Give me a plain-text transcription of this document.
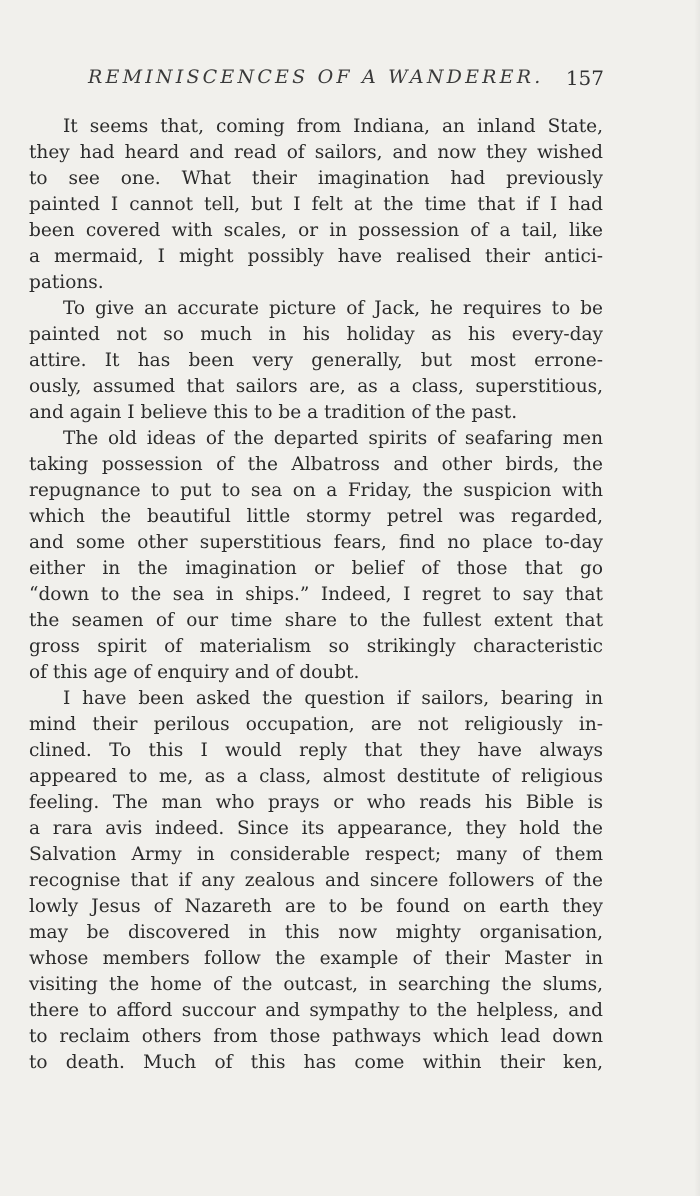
REMINISCENCES OF A WANDERER. 157
It seems that, coming from Indiana, an inland State,
they had heard and read of sailors, and now they wished
to see one. What their imagination had previously
painted I cannot tell, but I felt at the time that if I had
been covered with scales, or in possession of a tail, like
a mermaid, I might possibly have realised their antici-
pations.
To give an accurate picture of Jack, he requires to be
painted not so much in his holiday as his every-day
attire. It has been very generally, but most errone-
ously, assumed that sailors are, as a class, superstitious,
and again I believe this to be a tradition of the past.
The old ideas of the departed spirits of seafaring men
taking possession of the Albatross and other birds, the
repugnance to put to sea on a Friday, the suspicion with
which the beautiful little stormy petrel was regarded,
and some other superstitious fears, find no place to-day
either in the imagination or belief of those that go
“down to the sea in ships.” Indeed, I regret to say that
the seamen of our time share to the fullest extent that
gross spirit of materialism so strikingly characteristic
of this age of enquiry and of doubt.
I have been asked the question if sailors, bearing in
mind their perilous occupation, are not religiously in-
clined. To this I would reply that they have always
appeared to me, as a class, almost destitute of religious
feeling. The man who prays or who reads his Bible is
a rara avis indeed. Since its appearance, they hold the
Salvation Army in considerable respect; many of them
recognise that if any zealous and sincere followers of the
lowly Jesus of Nazareth are to be found on earth they
may be discovered in this now mighty organisation,
whose members follow the example of their Master in
visiting the home of the outcast, in searching the slums,
there to afford succour and sympathy to the helpless, and
to reclaim others from those pathways which lead down
to death. Much of this has come within their ken,
